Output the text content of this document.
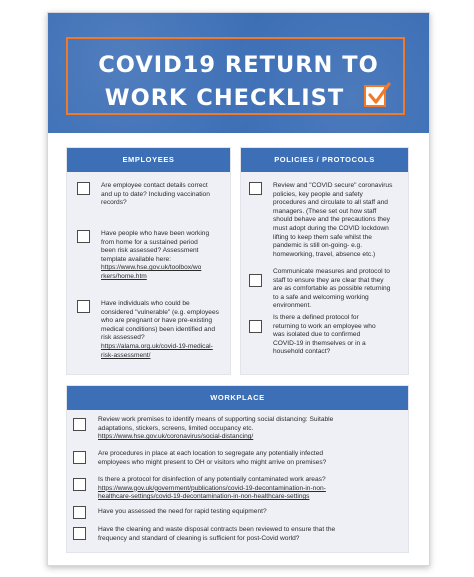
COVID19 RETURN TO
WORK CHECKLIST
EMPLOYEES
Are employee contact details correct
and up to date? Including vaccination
records?
Have people who have been working
from home for a sustained period
been risk assessed? Assessment
template available here:
https://www.hse.gov.uk/toolbox/wo
rkers/home.htm
Have individuals who could be
considered "vulnerable" (e.g. employees
who are pregnant or have pre-existing
medical conditions) been identified and
risk assessed?
https://alama.org.uk/covid-19-medical-
risk-assessment/
POLICIES / PROTOCOLS
Review and "COVID secure" coronavirus
policies, key people and safety
procedures and circulate to all staff and
managers. (These set out how staff
should behave and the precautions they
must adopt during the COVID lockdown
lifting to keep them safe whilst the
pandemic is still on-going- e.g.
homeworking, travel, absence etc.)
Communicate measures and protocol to
staff to ensure they are clear that they
are as comfortable as possible returning
to a safe and welcoming working
environment.
Is there a defined protocol for
returning to work an employee who
was isolated due to confirmed
COVID-19 in themselves or in a
household contact?
WORKPLACE
Review work premises to identify means of supporting social distancing: Suitable
adaptations, stickers, screens, limited occupancy etc.
https://www.hse.gov.uk/coronavirus/social-distancing/
Are procedures in place at each location to segregate any potentially infected
employees who might present to OH or visitors who might arrive on premises?
Is there a protocol for disinfection of any potentially contaminated work areas?
https://www.gov.uk/government/publications/covid-19-decontamination-in-non-
healthcare-settings/covid-19-decontamination-in-non-healthcare-settings
Have you assessed the need for rapid testing equipment?
Have the cleaning and waste disposal contracts been reviewed to ensure that the
frequency and standard of cleaning is sufficient for post-Covid world?
